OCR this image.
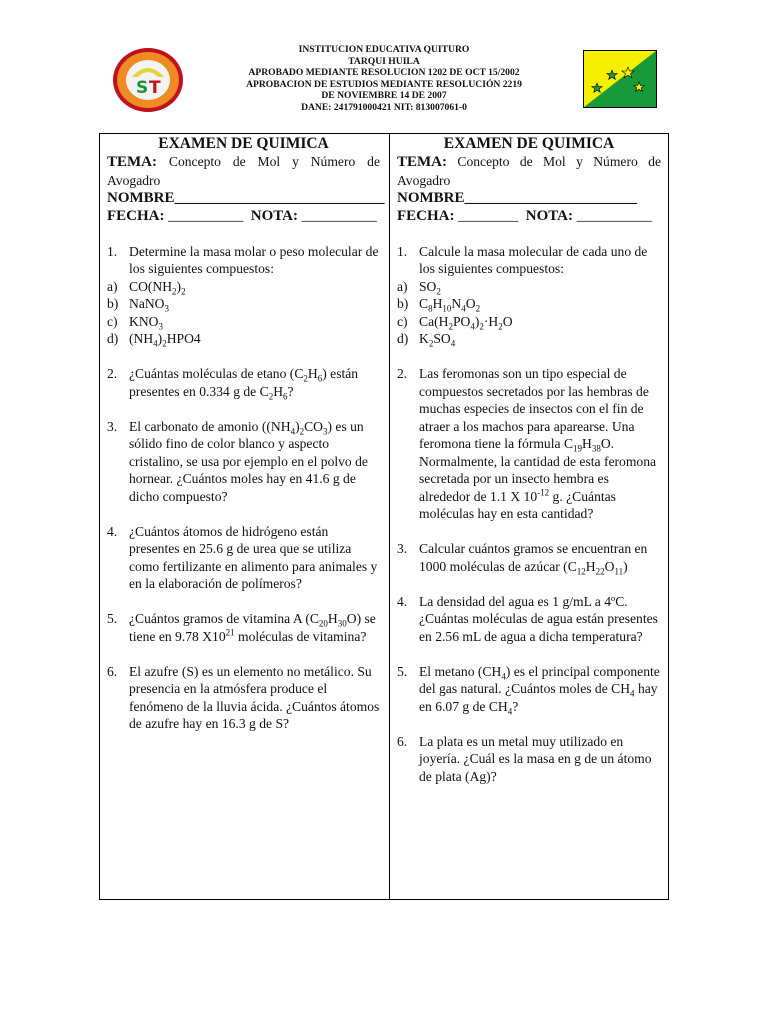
INSTITUCION EDUCATIVA QUITURO
TARQUI HUILA
APROBADO MEDIANTE RESOLUCION 1202 DE OCT 15/2002
APROBACION DE ESTUDIOS MEDIANTE RESOLUCIÓN 2219
DE NOVIEMBRE 14 DE 2007
DANE: 241791000421 NIT: 813007061-0
S T
EXAMEN DE QUIMICA

TEMA: Concepto de Mol y Número de Avogadro

NOMBRE____________________________
FECHA: __________ NOTA: __________
1. Determine la masa molar o peso molecular de los siguientes compuestos:
a) $CO(NH_2)_2$
b) NaNO$_3$
c) $KNO_3$
d) $(NH_4)_2HPO4$
2. ¿Cuántas moléculas de etano $(C_2H_6)$ están presentes en 0.334 g de $C_2H_6$?
3. El carbonato de amonio $((NH_4)_2CO_3)$ es un sólido fino de color blanco y aspecto cristalino, se usa por ejemplo en el polvo de hornear. ¿Cuántos moles hay en 41.6 g de dicho compuesto?
4. ¿Cuántos átomos de hidrógeno están presentes en 25.6 g de urea que se utiliza como fertilizante en alimento para animales y en la elaboración de polímeros?
5. ¿Cuántos gramos de vitamina A $(C_{20}H_{30}O)$ se tiene en 9.78 $X10^{21}$ moléculas de vitamina?
6. El azufre (S) es un elemento no metálico. Su presencia en la atmósfera produce el fenómeno de la lluvia ácida. ¿Cuántos átomos de azufre hay en 16.3 g de S?
EXAMEN DE QUIMICA

TEMA: Concepto de Mol y Número de Avogadro

NOMBRE_______________________
FECHA: ________ NOTA: __________
1. Calcule la masa molecular de cada uno de los siguientes compuestos:
a) $SO_2$
b) $C_8H_{10}N_4O_2$
c) $Ca(H_2PO_4)_2\cdot H_2O$
d) $K_2SO_4$
2. Las feromonas son un tipo especial de compuestos secretados por las hembras de muchas especies de insectos con el fin de atraer a los machos para aparearse. Una feromona tiene la fórmula $C_{19}H_{38}O$. Normalmente, la cantidad de esta feromona secretada por un insecto hembra es alrededor de 1.1 X $10^{-12}$ g. ¿Cuántas moléculas hay en esta cantidad?
3. Calcular cuántos gramos se encuentran en 1000 moléculas de azúcar $(C_{12}H_{22}O_{11})$
4. La densidad del agua es 1 g/mL a 4ºC. ¿Cuántas moléculas de agua están presentes en 2.56 mL de agua a dicha temperatura?
5. El metano $(CH_4)$ es el principal componente del gas natural. ¿Cuántos moles de $CH_4$ hay en 6.07 g de $CH_4$?
6. La plata es un metal muy utilizado en joyería. ¿Cuál es la masa en g de un átomo de plata (Ag)?
